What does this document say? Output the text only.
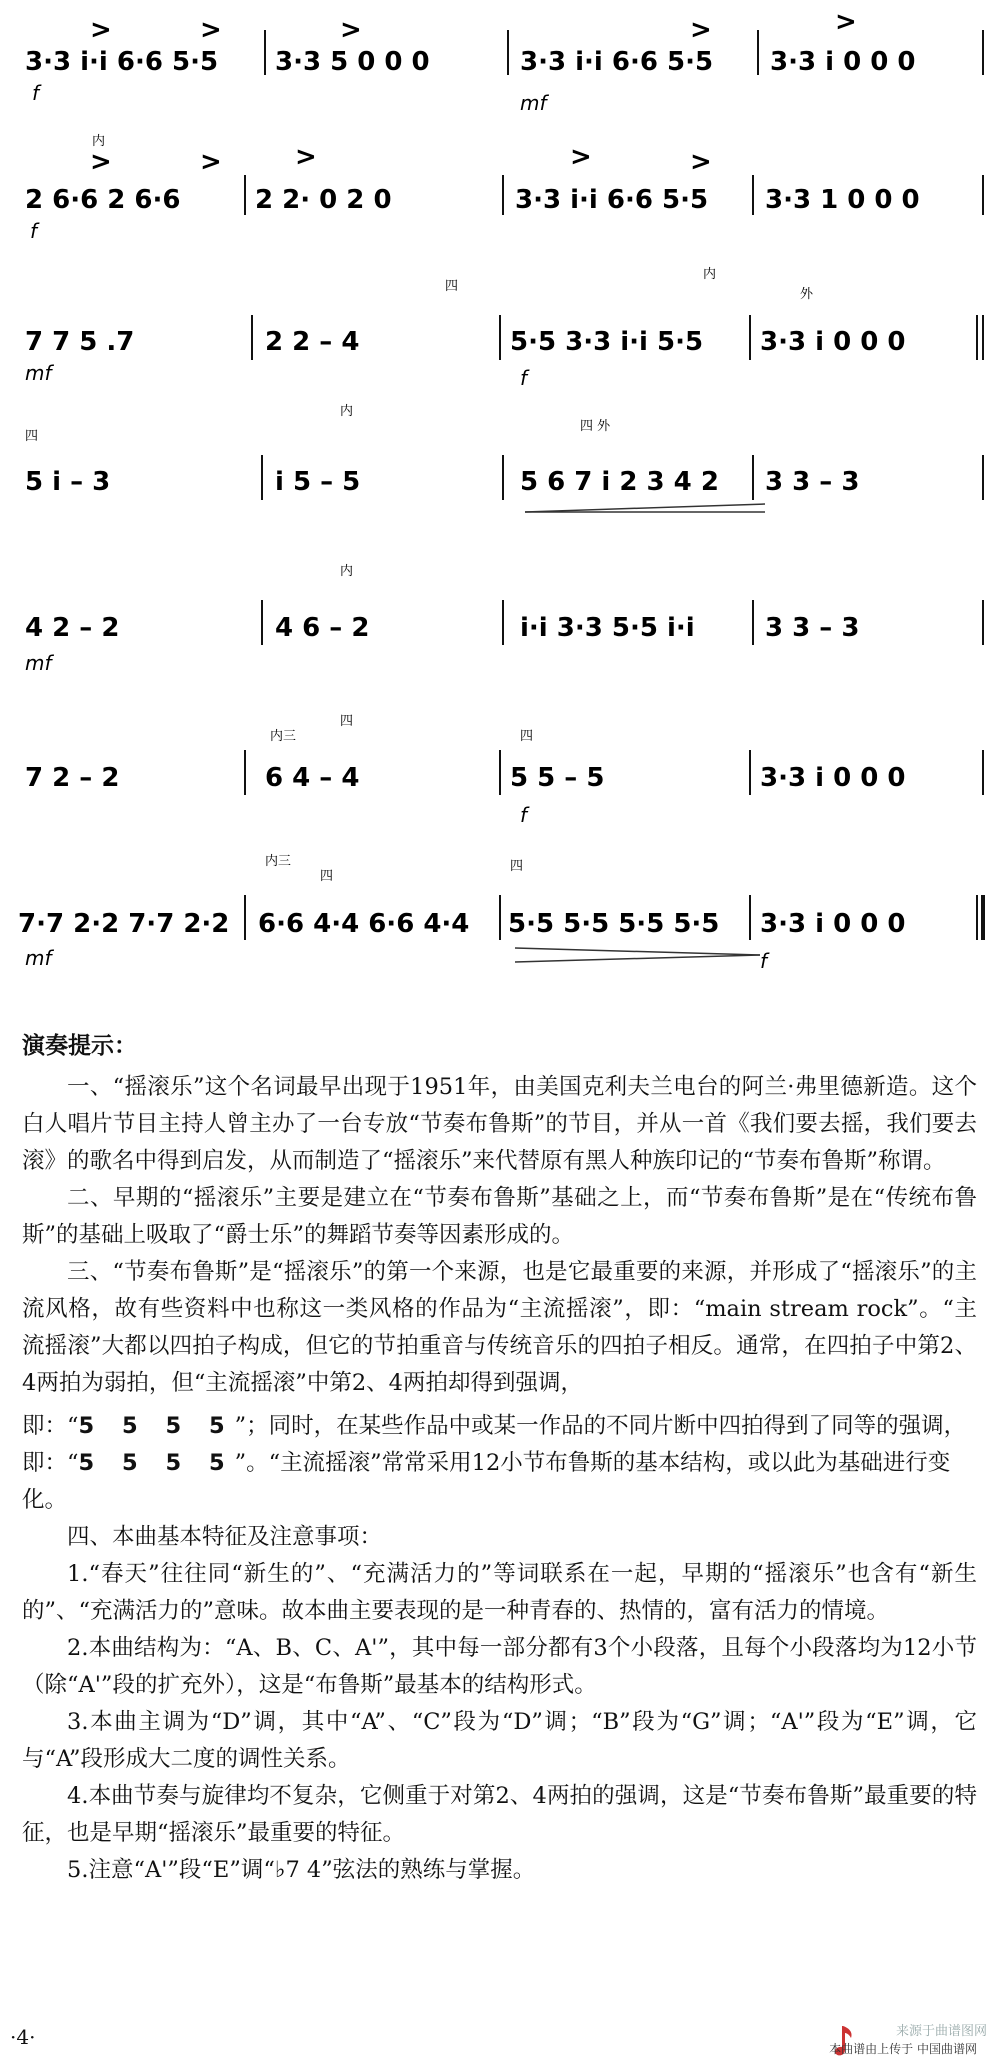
3·3 i·i 6·6 5·5 3·3 5 0 0 0	3·3 i·i 6·6 5·5 3·3 i 0 0 0
f	mf
>	>	>	>	>
2 6·6 2 6·6	2 2· 0 2 0	3·3 i·i 6·6 5·5 3·3 1 0 0 0
f
内
>	>	>	>	>
7 7 5 .7	2 2 – 4	5·5 3·3 i·i 5·5 3·3 i 0 0 0
mf	f
四
内
外
5 i – 3	i 5 – 5	5 6 7 i 2 3 4 2 3 3 – 3
四
四 外
内
4 2 – 2	4 6 – 2	i·i 3·3 5·5 i·i	3 3 – 3
mf
内
7 2 – 2	6 4 – 4	5 5 – 5	3·3 i 0 0 0
f
内三
四
四
7·7 2·2 7·7 2·2 6·6 4·4 6·6 4·4 5·5 5·5 5·5 5·5 3·3 i 0 0 0
mf	f
内三
四
四

演奏提示：

一、“摇滚乐”这个名词最早出现于1951年，由美国克利夫兰电台的阿兰·弗里德新造。这个白人唱片节目主持人曾主办了一台专放“节奏布鲁斯”的节目，并从一首《我们要去摇，我们要去滚》的歌名中得到启发，从而制造了“摇滚乐”来代替原有黑人种族印记的“节奏布鲁斯”称谓。

二、早期的“摇滚乐”主要是建立在“节奏布鲁斯”基础之上，而“节奏布鲁斯”是在“传统布鲁斯”的基础上吸取了“爵士乐”的舞蹈节奏等因素形成的。

三、“节奏布鲁斯”是“摇滚乐”的第一个来源，也是它最重要的来源，并形成了“摇滚乐”的主流风格，故有些资料中也称这一类风格的作品为“主流摇滚”，即：“main stream rock”。“主流摇滚”大都以四拍子构成，但它的节拍重音与传统音乐的四拍子相反。通常，在四拍子中第2、4两拍为弱拍，但“主流摇滚”中第2、4两拍却得到强调，

即：“5 5 5 5”；同时，在某些作品中或某一作品的不同片断中四拍得到了同等的强调，

即：“5 5 5 5”。“主流摇滚”常常采用12小节布鲁斯的基本结构，或以此为基础进行变化。

四、本曲基本特征及注意事项：

1.“春天”往往同“新生的”、“充满活力的”等词联系在一起，早期的“摇滚乐”也含有“新生的”、“充满活力的”意味。故本曲主要表现的是一种青春的、热情的，富有活力的情境。

2.本曲结构为：“A、B、C、A'”，其中每一部分都有3个小段落，且每个小段落均为12小节（除“A'”段的扩充外），这是“布鲁斯”最基本的结构形式。

3.本曲主调为“D”调，其中“A”、“C”段为“D”调；“B”段为“G”调；“A'”段为“E”调，它与“A”段形成大二度的调性关系。

4.本曲节奏与旋律均不复杂，它侧重于对第2、4两拍的强调，这是“节奏布鲁斯”最重要的特征，也是早期“摇滚乐”最重要的特征。

5.注意“A'”段“E”调“♭7 4”弦法的熟练与掌握。

·4·	来源于曲谱图网
本曲谱由上传于 中国曲谱网
